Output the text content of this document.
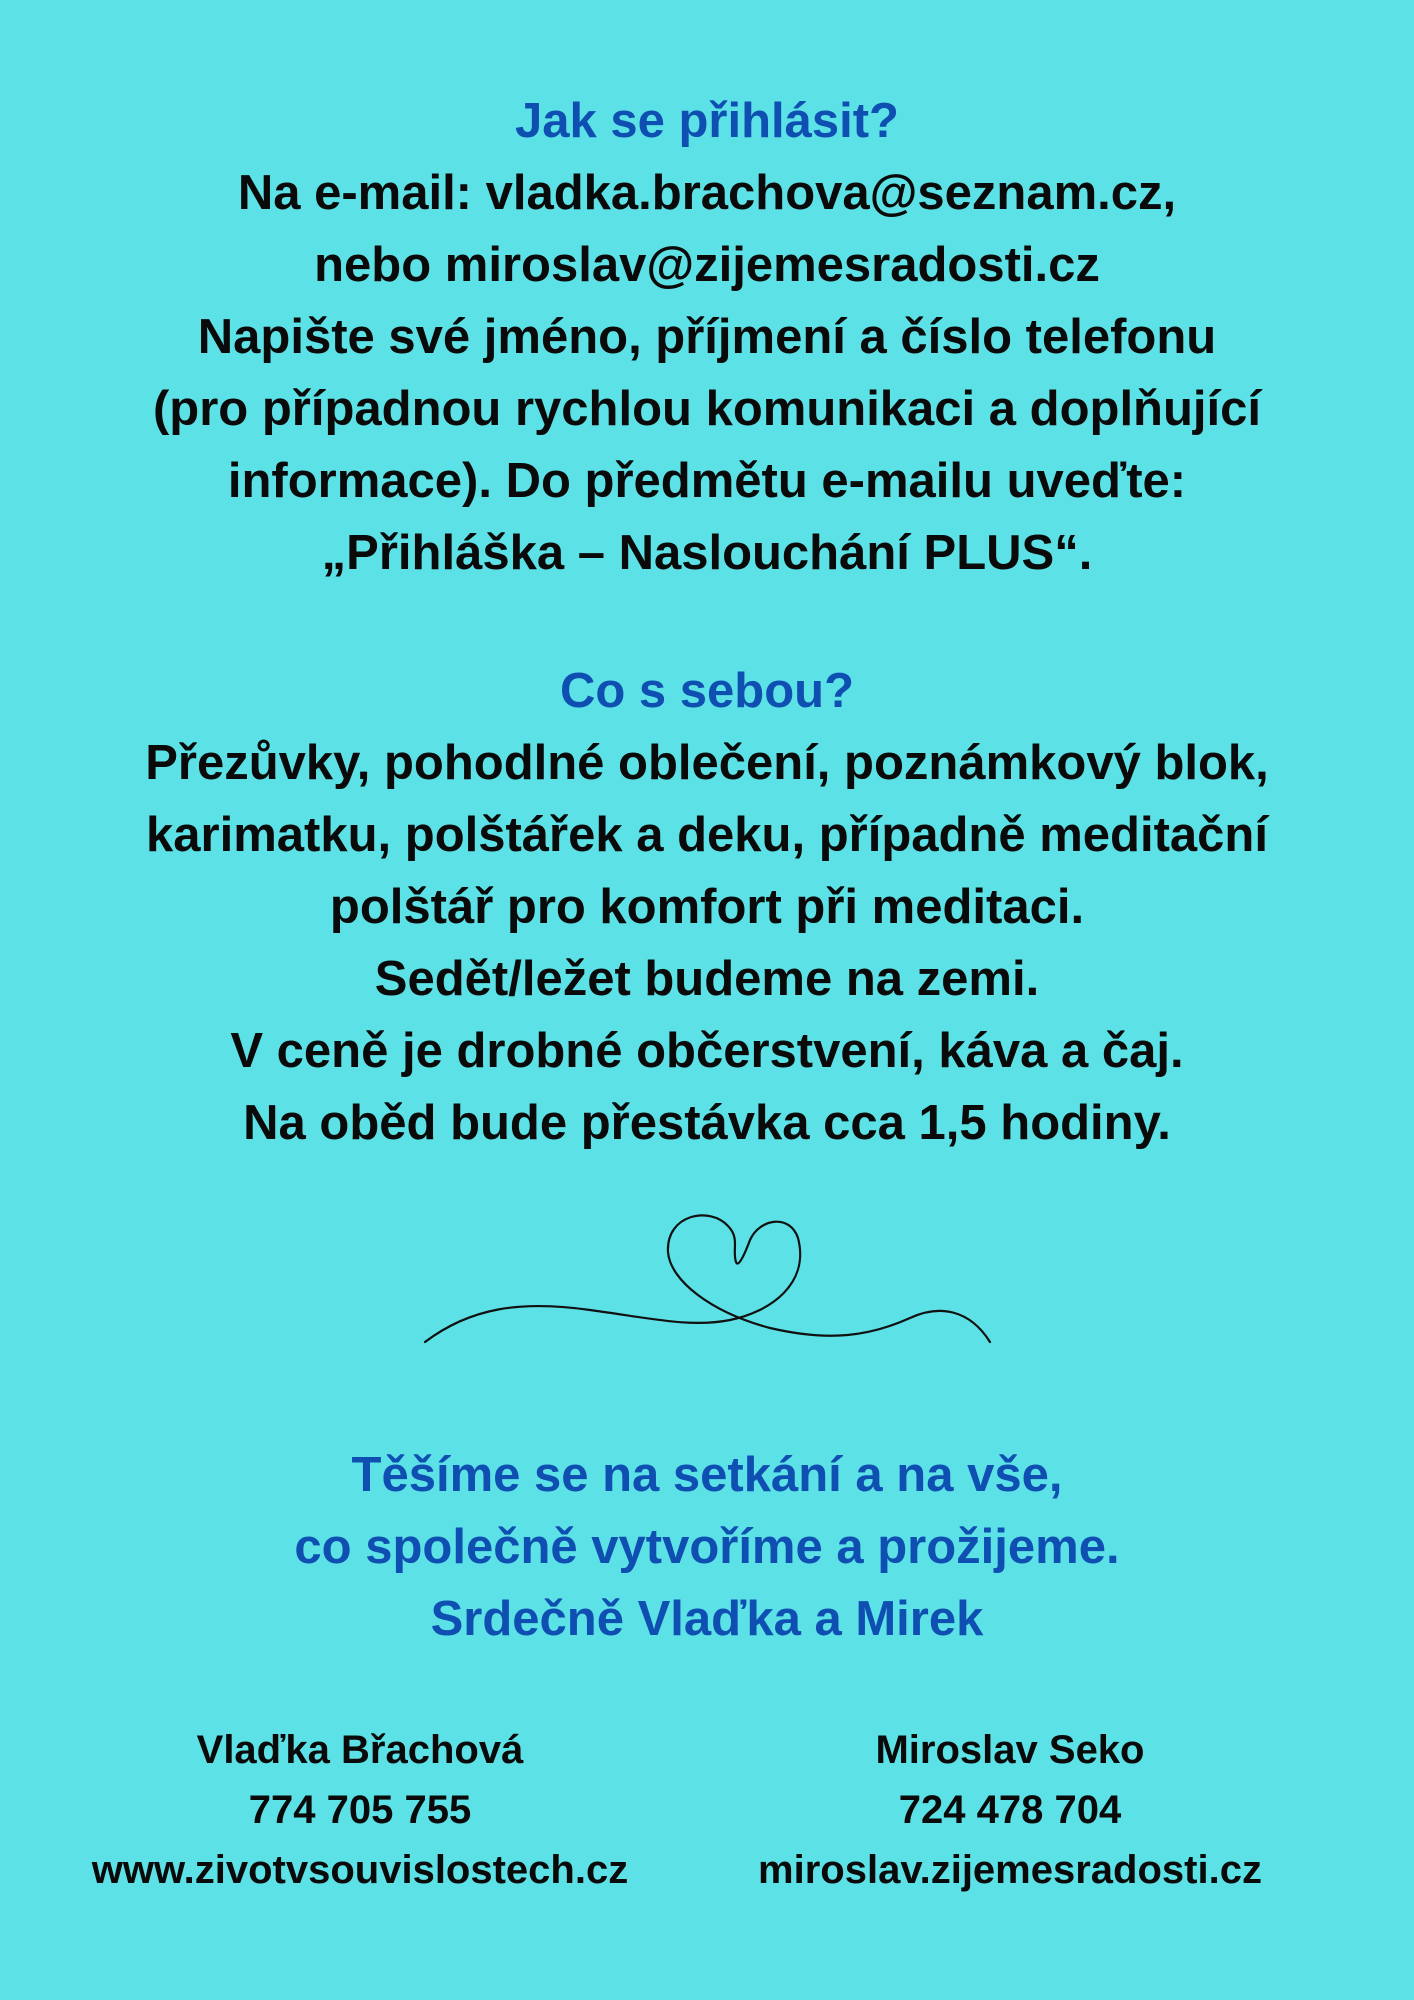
Jak se přihlásit?
Na e-mail: vladka.brachova@seznam.cz,
nebo miroslav@zijemesradosti.cz
Napište své jméno, příjmení a číslo telefonu
(pro případnou rychlou komunikaci a doplňující
informace). Do předmětu e-mailu uveďte:
„Přihláška – Naslouchání PLUS“.
Co s sebou?
Přezůvky, pohodlné oblečení, poznámkový blok,
karimatku, polštářek a deku, případně meditační
polštář pro komfort při meditaci.
Sedět/ležet budeme na zemi.
V ceně je drobné občerstvení, káva a čaj.
Na oběd bude přestávka cca 1,5 hodiny.
Těšíme se na setkání a na vše,
co společně vytvoříme a prožijeme.
Srdečně Vlaďka a Mirek
Vlaďka Břachová
774 705 755
www.zivotvsouvislostech.cz
Miroslav Seko
724 478 704
miroslav.zijemesradosti.cz
